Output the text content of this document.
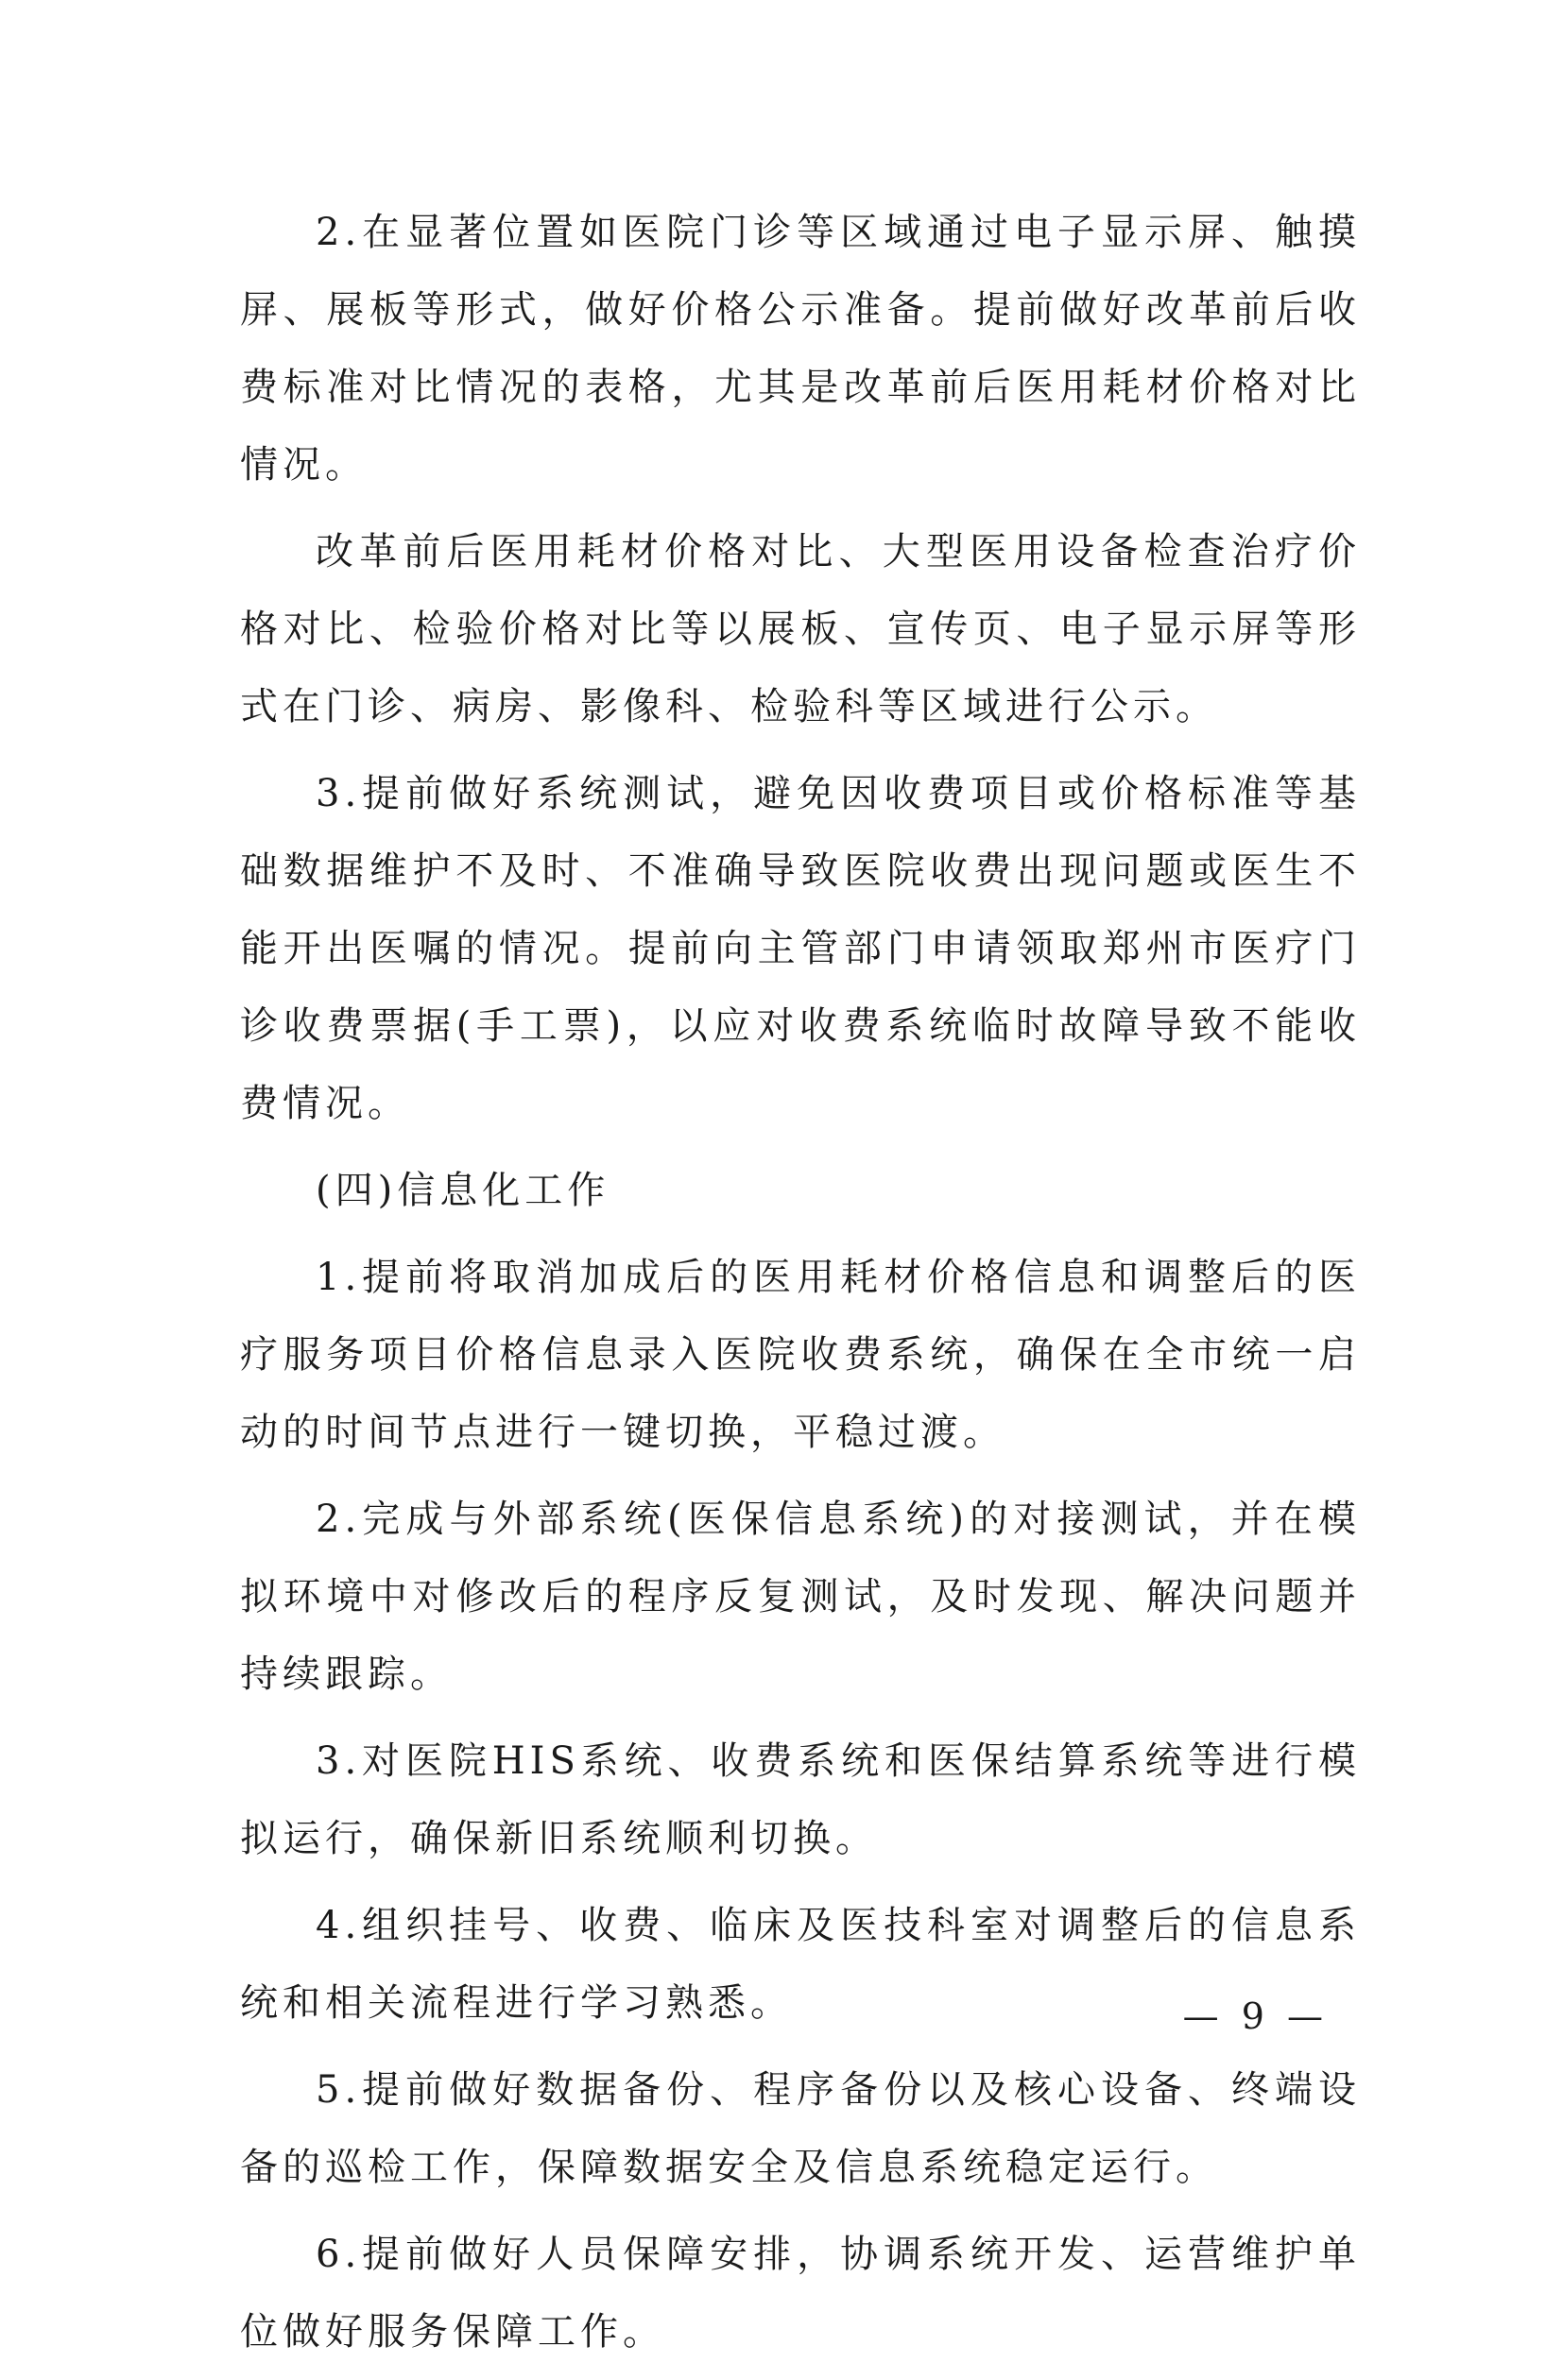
2.在显著位置如医院门诊等区域通过电子显示屏、触摸屏、展板等形式，做好价格公示准备。提前做好改革前后收费标准对比情况的表格，尤其是改革前后医用耗材价格对比情况。

改革前后医用耗材价格对比、大型医用设备检查治疗价格对比、检验价格对比等以展板、宣传页、电子显示屏等形式在门诊、病房、影像科、检验科等区域进行公示。

3.提前做好系统测试，避免因收费项目或价格标准等基础数据维护不及时、不准确导致医院收费出现问题或医生不能开出医嘱的情况。提前向主管部门申请领取郑州市医疗门诊收费票据(手工票)，以应对收费系统临时故障导致不能收费情况。

(四)信息化工作

1.提前将取消加成后的医用耗材价格信息和调整后的医疗服务项目价格信息录入医院收费系统，确保在全市统一启动的时间节点进行一键切换，平稳过渡。

2.完成与外部系统(医保信息系统)的对接测试，并在模拟环境中对修改后的程序反复测试，及时发现、解决问题并持续跟踪。

3.对医院HIS系统、收费系统和医保结算系统等进行模拟运行，确保新旧系统顺利切换。

4.组织挂号、收费、临床及医技科室对调整后的信息系统和相关流程进行学习熟悉。

5.提前做好数据备份、程序备份以及核心设备、终端设备的巡检工作，保障数据安全及信息系统稳定运行。

6.提前做好人员保障安排，协调系统开发、运营维护单位做好服务保障工作。

— 9 —
